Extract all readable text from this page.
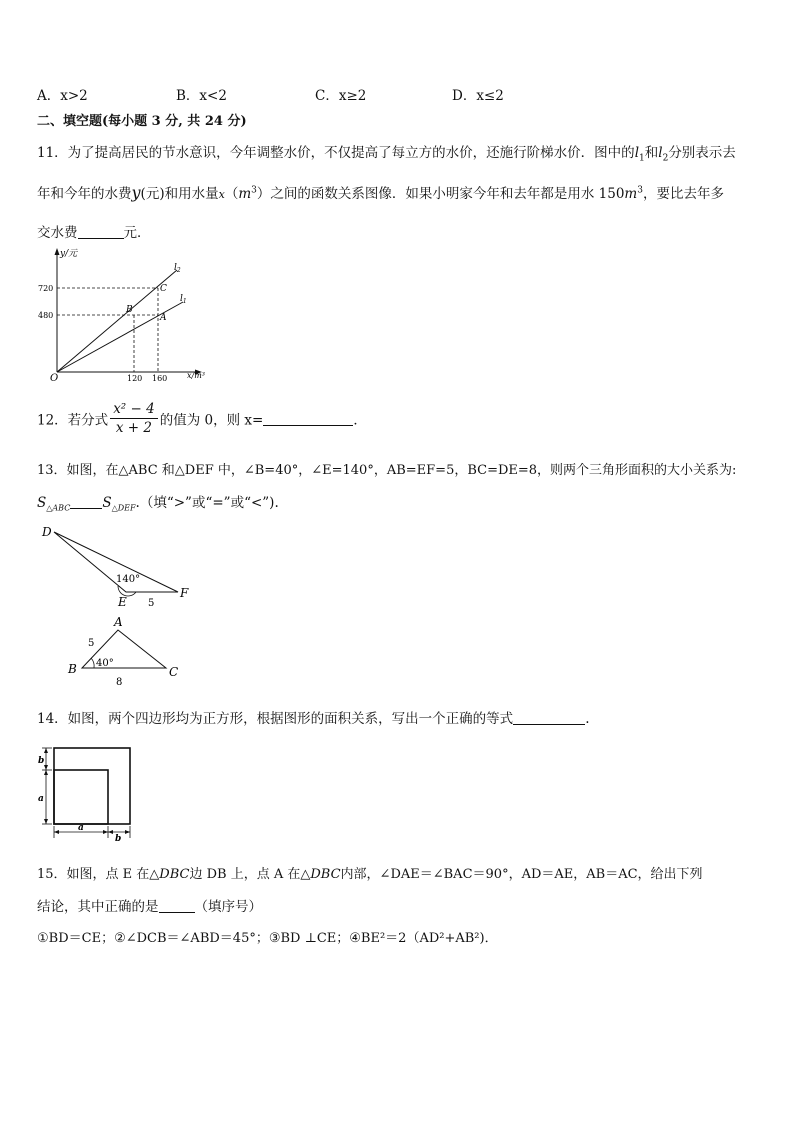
A．x>2	B．x<2	C．x≥2	D．x≤2
二、填空题(每小题 3 分, 共 24 分)
11．为了提高居民的节水意识，今年调整水价，不仅提高了每立方的水价，还施行阶梯水价．图中的$l_1$和$l_2$分别表示去
年和今年的水费y(元)和用水量$x(m^3)$之间的函数关系图像．如果小明家今年和去年都是用水 $150m^3$，要比去年多
交水费	元．
y/元
x/m³
O
720
480
120 160
$l_2$
$l_1$
C
B
A
12．若分式 $\frac{\text{x² − 4}}{x + 2}$ 的值为 0，则 x=	．
13．如图，在△ABC 和△DEF 中，∠B=40°，∠E=140°，AB=EF=5，BC=DE=8，则两个三角形面积的大小关系为:
$S_{\triangle ABC}$ $S_{\triangle DEF}$.（填“>”或“=”或“<”).
D
E
F
140°
5
A
B	C
40°
5
8
14．如图，两个四边形均为正方形，根据图形的面积关系，写出一个正确的等式	.
b
a
a
b
15．如图，点 E 在△DBC边 DB 上，点 A 在△DBC内部，∠DAE＝∠BAC＝90°，AD＝AE，AB＝AC，给出下列
结论，其中正确的是	（填序号）
①BD＝CE；②∠DCB＝∠ABD＝45°；③BD ⊥CE；④BE²＝2（AD²+AB²)．
